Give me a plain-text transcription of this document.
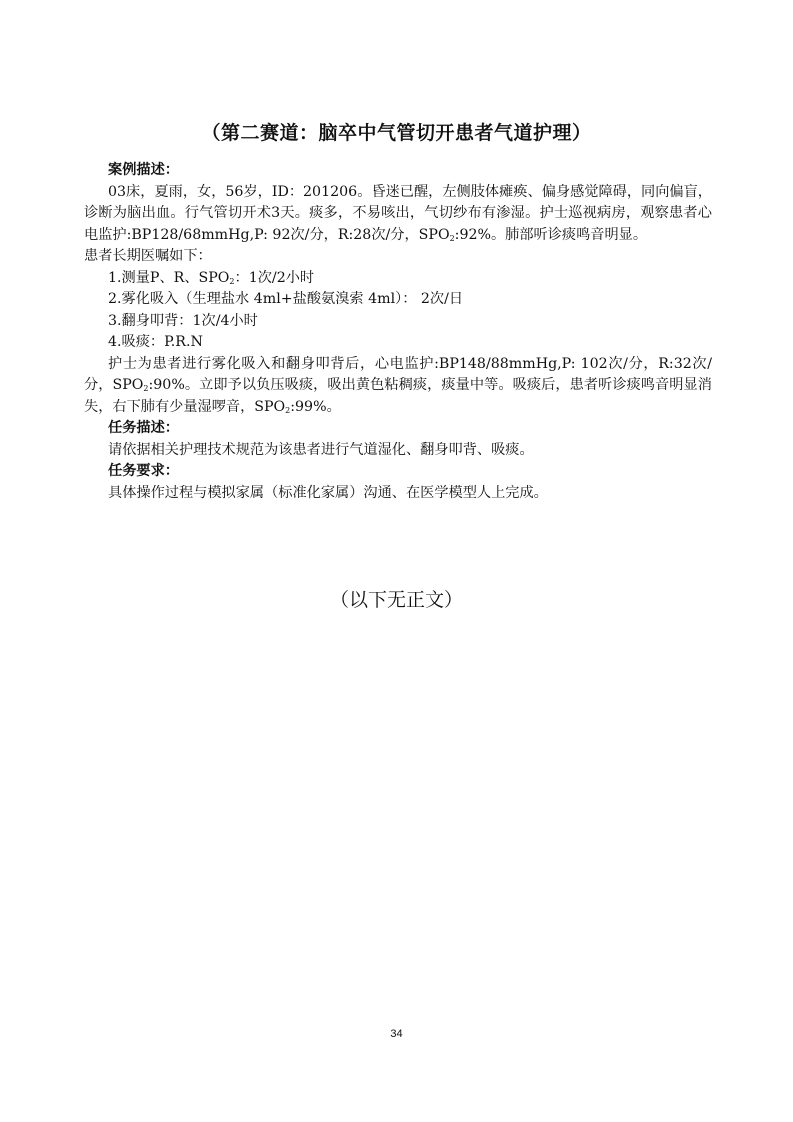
（第二赛道：脑卒中气管切开患者气道护理）
案例描述：

03床，夏雨，女，56岁，ID：201206。昏迷已醒，左侧肢体瘫痪、偏身感觉障碍，同向偏盲，诊断为脑出血。行气管切开术3天。痰多，不易咳出，气切纱布有渗湿。护士巡视病房，观察患者心电监护:BP128/68mmHg,P: 92次/分，R:28次/分，$SPO_2:92\%$。肺部听诊痰鸣音明显。

患者长期医嘱如下：

1.测量P、R、$SPO_2$：1次/2小时

2.雾化吸入（生理盐水 4ml+盐酸氨溴索 4ml）： 2次/日

3.翻身叩背：1次/4小时

4.吸痰：P.R.N

护士为患者进行雾化吸入和翻身叩背后，心电监护:BP148/88mmHg,P: 102次/分，R:32次/分，$SPO_2:90\%$。立即予以负压吸痰，吸出黄色粘稠痰，痰量中等。吸痰后，患者听诊痰鸣音明显消失，右下肺有少量湿啰音，$SPO_2:99\%$。

任务描述：

请依据相关护理技术规范为该患者进行气道湿化、翻身叩背、吸痰。

任务要求：

具体操作过程与模拟家属（标准化家属）沟通、在医学模型人上完成。

（以下无正文）
34
